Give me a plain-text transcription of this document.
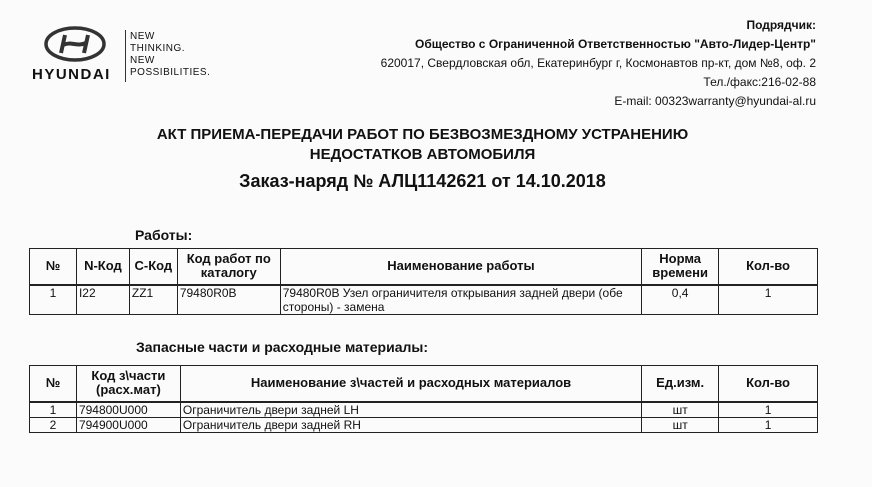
HYUNDAI
NEW
THINKING.
NEW
POSSIBILITIES.
Подрядчик:
Общество с Ограниченной Ответственностью "Авто-Лидер-Центр"
620017, Свердловская обл, Екатеринбург г, Космонавтов пр-кт, дом №8, оф. 2
Тел./факс:216-02-88
E-mail: 00323warranty@hyundai-al.ru
АКТ ПРИЕМА-ПЕРЕДАЧИ РАБОТ ПО БЕЗВОЗМЕЗДНОМУ УСТРАНЕНИЮ
НЕДОСТАТКОВ АВТОМОБИЛЯ
Заказ-наряд № АЛЦ1142621 от 14.10.2018
Работы:
№	N-Код	С-Код	Код работ по каталогу	Наименование работы	Норма времени	Кол-во
1	I22	ZZ1	79480R0B	79480R0B Узел ограничителя открывания задней двери (обе стороны) - замена	0,4	1
Запасные части и расходные материалы:
№	Код з\части (расх.мат)	Наименование з\частей и расходных материалов	Ед.изм.	Кол-во
1	794800U000	Ограничитель двери задней LH	шт	1
2	794900U000	Ограничитель двери задней RH	шт	1
